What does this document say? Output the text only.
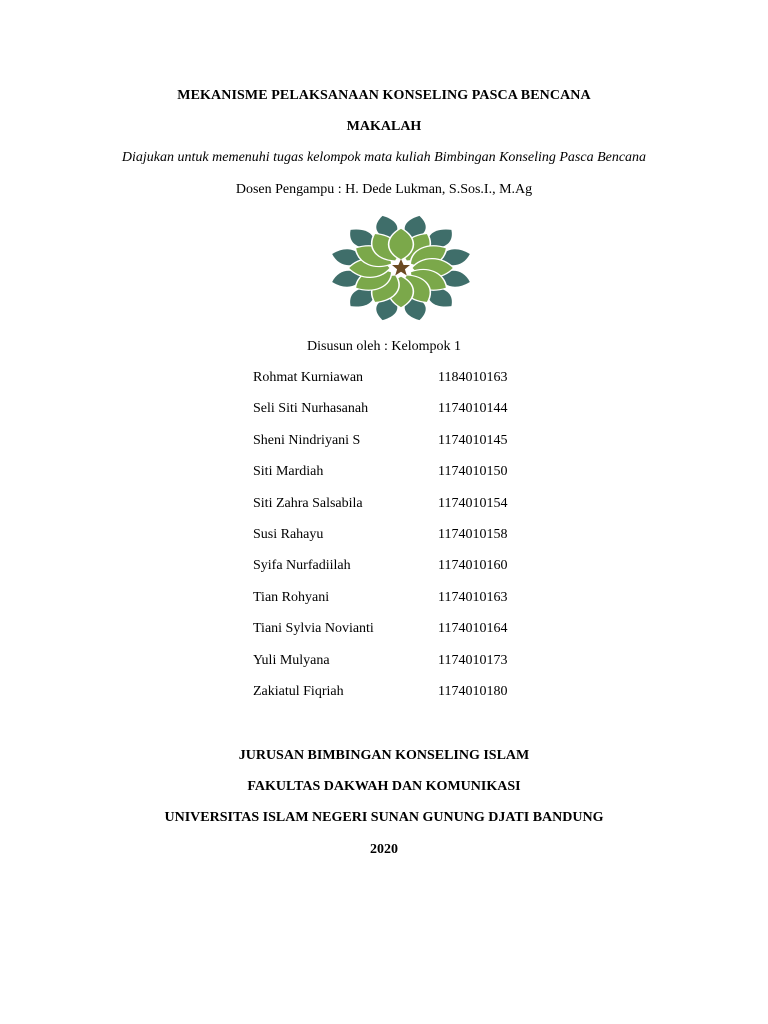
MEKANISME PELAKSANAAN KONSELING PASCA BENCANA
MAKALAH
Diajukan untuk memenuhi tugas kelompok mata kuliah Bimbingan Konseling Pasca Bencana
Dosen Pengampu : H. Dede Lukman, S.Sos.I., M.Ag
Disusun oleh : Kelompok 1
Rohmat Kurniawan	1184010163
Seli Siti Nurhasanah	1174010144
Sheni Nindriyani S	1174010145
Siti Mardiah	1174010150
Siti Zahra Salsabila	1174010154
Susi Rahayu	1174010158
Syifa Nurfadiilah	1174010160
Tian Rohyani	1174010163
Tiani Sylvia Novianti	1174010164
Yuli Mulyana	1174010173
Zakiatul Fiqriah	1174010180
JURUSAN BIMBINGAN KONSELING ISLAM
FAKULTAS DAKWAH DAN KOMUNIKASI
UNIVERSITAS ISLAM NEGERI SUNAN GUNUNG DJATI BANDUNG
2020
